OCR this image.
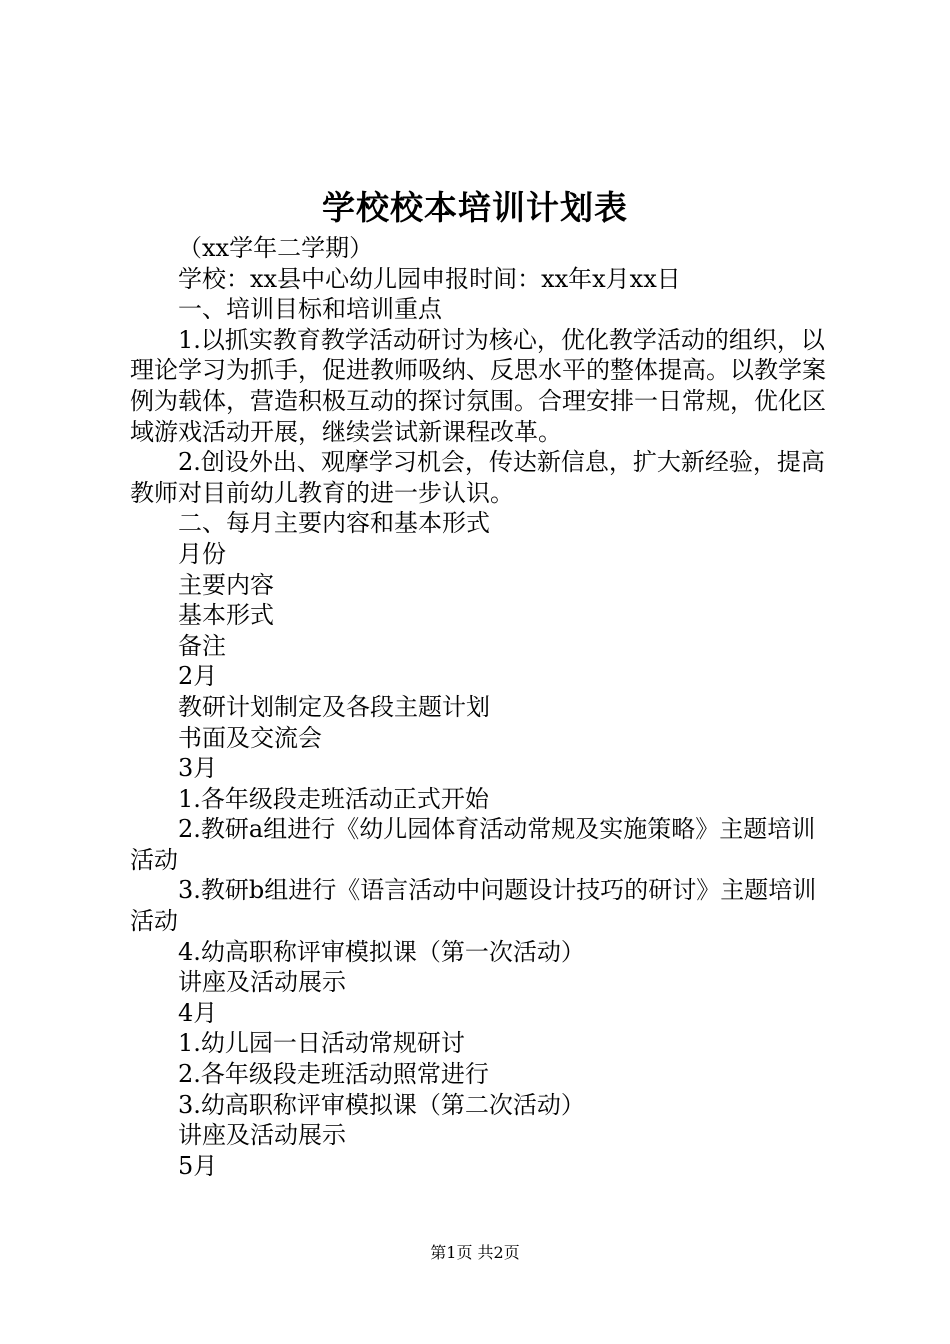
学校校本培训计划表

（xx学年二学期）

学校：xx县中心幼儿园申报时间：xx年x月xx日

一、培训目标和培训重点

1.以抓实教育教学活动研讨为核心，优化教学活动的组织，以理论学习为抓手，促进教师吸纳、反思水平的整体提高。以教学案例为载体，营造积极互动的探讨氛围。合理安排一日常规，优化区域游戏活动开展，继续尝试新课程改革。

2.创设外出、观摩学习机会，传达新信息，扩大新经验，提高教师对目前幼儿教育的进一步认识。

二、每月主要内容和基本形式

月份

主要内容

基本形式

备注

2月

教研计划制定及各段主题计划

书面及交流会

3月

1.各年级段走班活动正式开始

2.教研a组进行《幼儿园体育活动常规及实施策略》主题培训活动

3.教研b组进行《语言活动中问题设计技巧的研讨》主题培训活动

4.幼高职称评审模拟课（第一次活动）

讲座及活动展示

4月

1.幼儿园一日活动常规研讨

2.各年级段走班活动照常进行

3.幼高职称评审模拟课（第二次活动）

讲座及活动展示

5月

第1页 共2页
